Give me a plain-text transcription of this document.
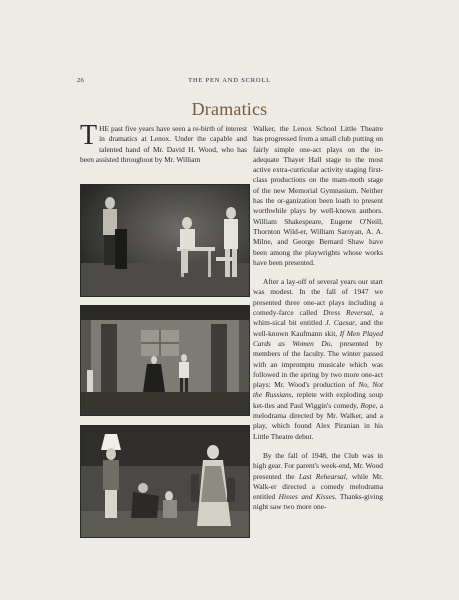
26	THE PEN AND SCROLL
Dramatics

THE past five years have seen a re-birth of interest in dramatics at Lenox. Under the capable and talented hand of Mr. David H. Wood, who has been assisted throughout by Mr. William

Walker, the Lenox School Little Theatre has progressed from a small club putting on fairly simple one-act plays on the in-adequate Thayer Hall stage to the most active extra-curricular activity staging first-class productions on the mam-moth stage of the new Memorial Gymnasium. Neither has the or-ganization been loath to present worthwhile plays by well-known authors. William Shakespeare, Eugene O'Neill, Thornton Wild-er, William Saroyan, A. A. Milne, and George Bernard Shaw have been among the playwrights whose works have been presented.

After a lay-off of several years our start was modest. In the fall of 1947 we presented three one-act plays including a comedy-farce called Dress Reversal, a whim-sical bit entitled J. Caesar, and the well-known Kaufmann skit, If Men Played Cards as Women Do, presented by members of the faculty. The winter passed with an impromptu musicale which was followed in the spring by two more one-act plays: Mr. Wood's production of No, Not the Russians, replete with exploding soup ket-tles and Paul Wiggin's comedy, Rope, a melodrama directed by Mr. Walker, and a play, which found Alex Piranian in his Little Theatre debut.

By the fall of 1948, the Club was in high gear. For parent's week-end, Mr. Wood presented the Last Rehearsal, while Mr. Walk-er directed a comedy melodrama entitled Hisses and Kisses. Thanks-giving night saw two more one-
